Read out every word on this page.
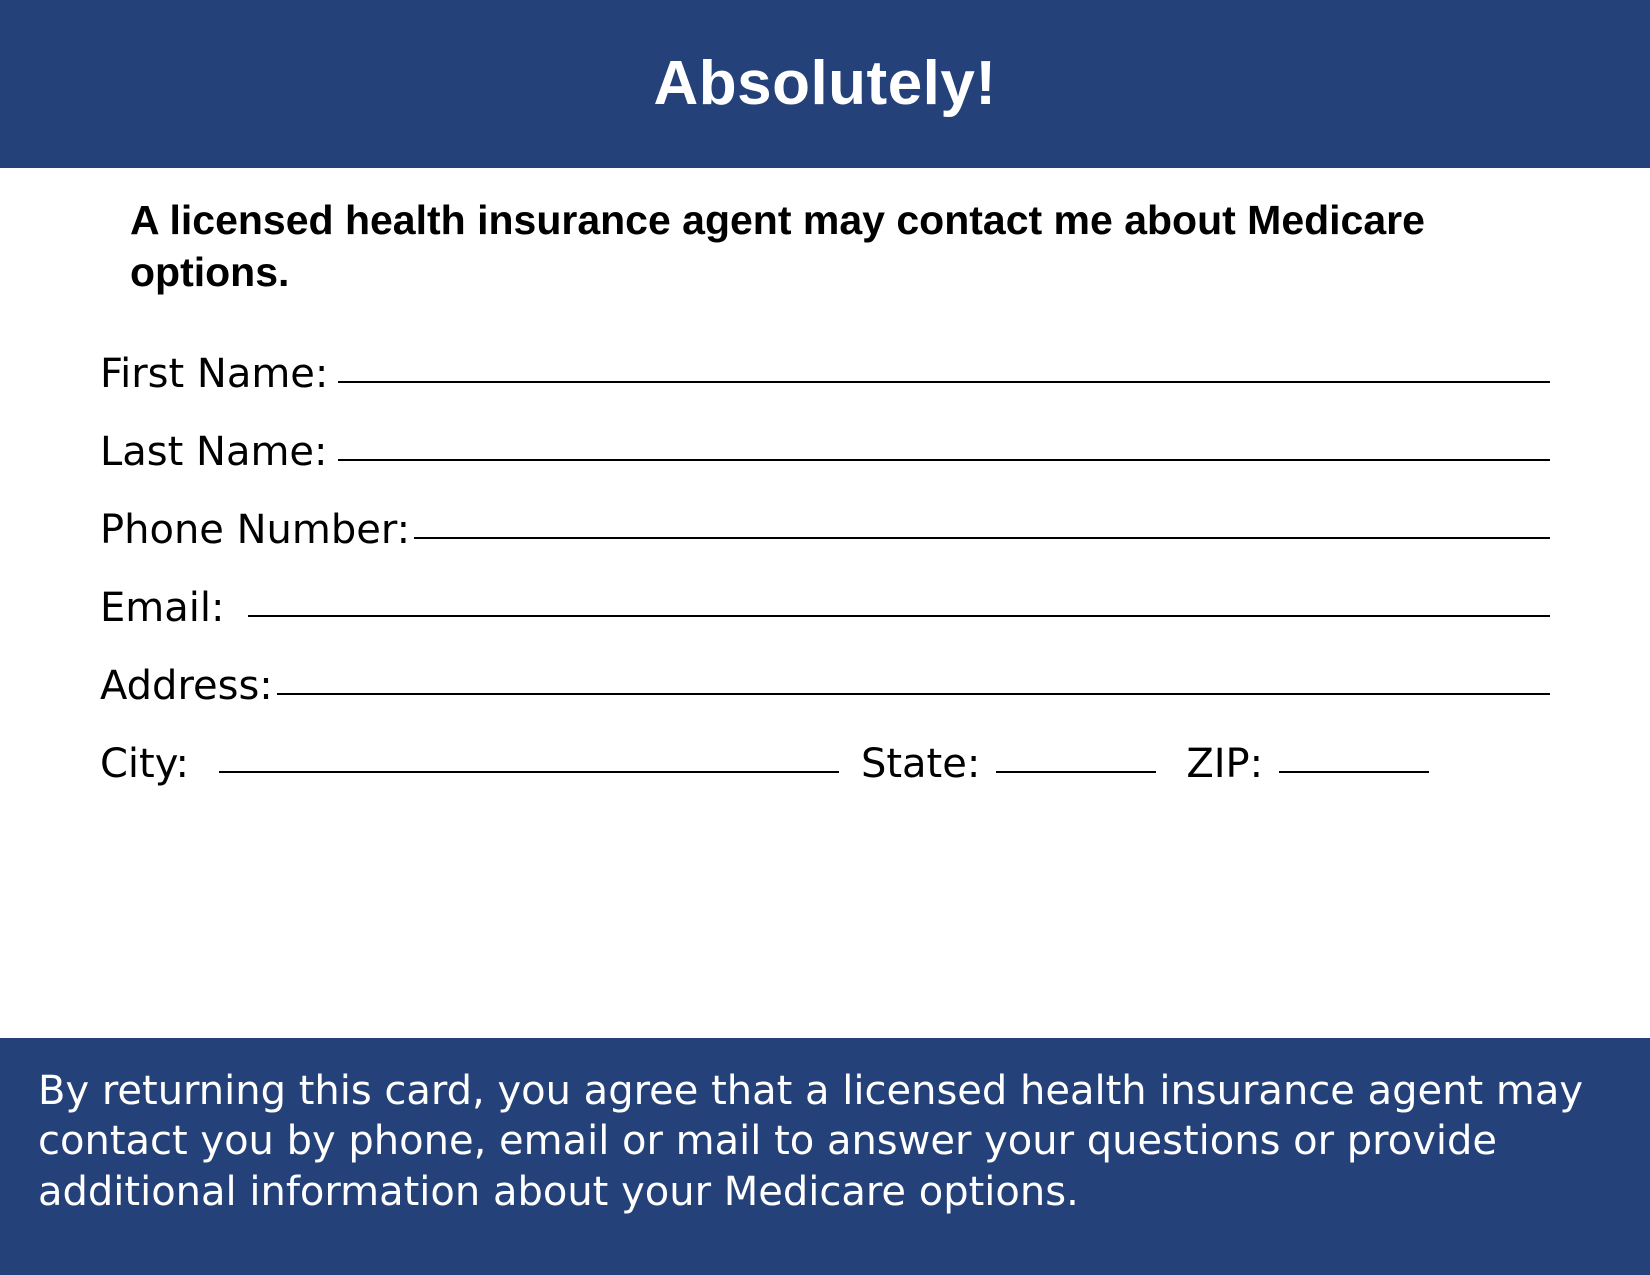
Absolutely!
A licensed health insurance agent may contact me about Medicare options.
First Name:
Last Name:
Phone Number:
Email:
Address:
City:	State:	ZIP:
By returning this card, you agree that a licensed health insurance agent may contact you by phone, email or mail to answer your questions or provide additional information about your Medicare options.
